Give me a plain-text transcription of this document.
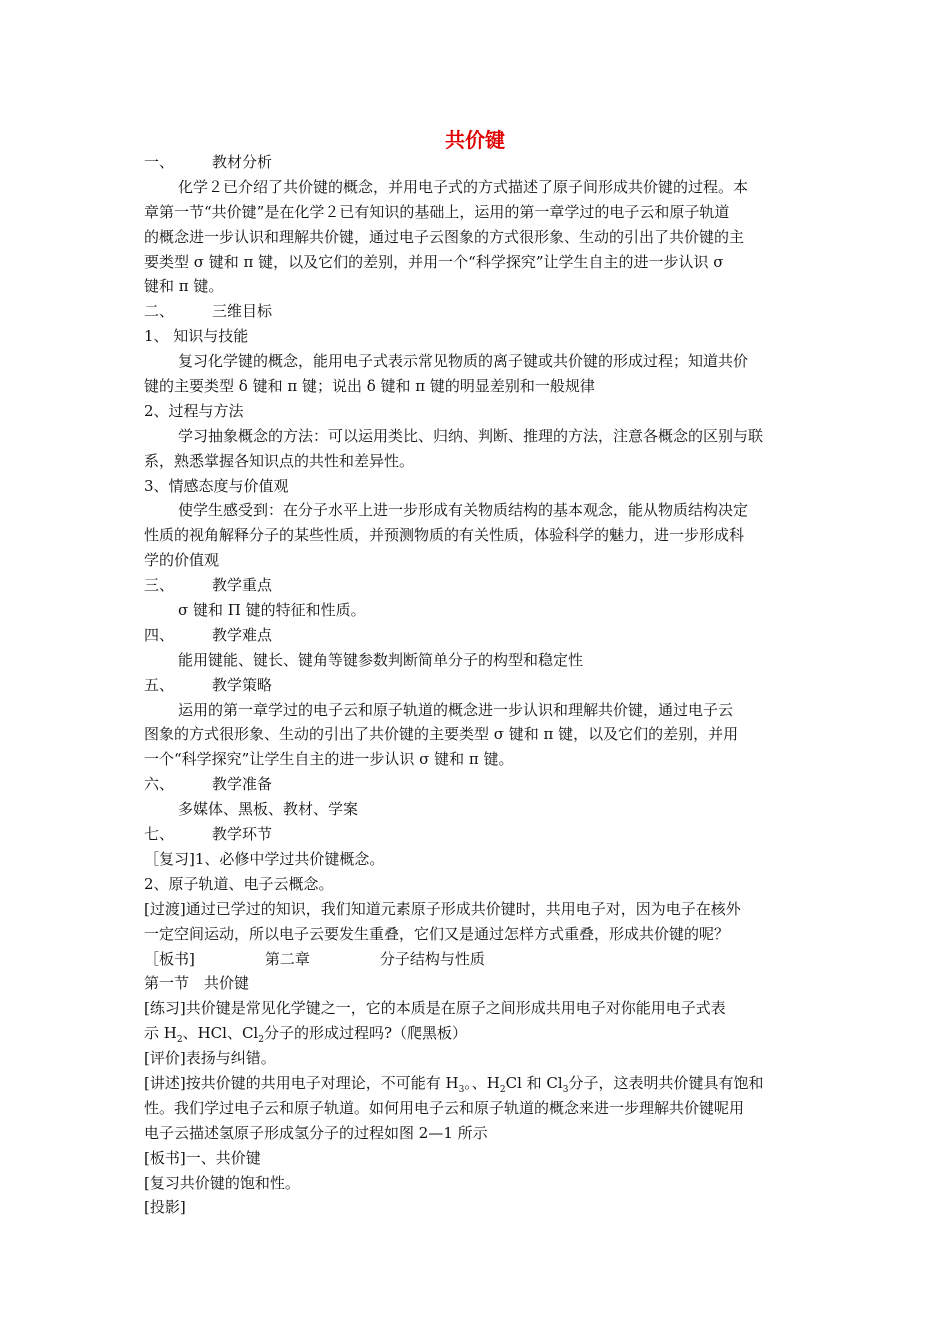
共价键
一、	教材分析
化学２已介绍了共价键的概念，并用电子式的方式描述了原子间形成共价键的过程。本
章第一节“共价键”是在化学２已有知识的基础上，运用的第一章学过的电子云和原子轨道
的概念进一步认识和理解共价键，通过电子云图象的方式很形象、生动的引出了共价键的主
要类型 σ 键和 π 键，以及它们的差别，并用一个“科学探究”让学生自主的进一步认识 σ
键和 π 键。
二、	三维目标
1、 知识与技能
复习化学键的概念，能用电子式表示常见物质的离子键或共价键的形成过程；知道共价
键的主要类型 δ 键和 π 键；说出 δ 键和 π 键的明显差别和一般规律
2、过程与方法
学习抽象概念的方法：可以运用类比、归纳、判断、推理的方法，注意各概念的区别与联
系，熟悉掌握各知识点的共性和差异性。
3、情感态度与价值观
使学生感受到：在分子水平上进一步形成有关物质结构的基本观念，能从物质结构决定
性质的视角解释分子的某些性质，并预测物质的有关性质，体验科学的魅力，进一步形成科
学的价值观
三、	教学重点
σ 键和 Π 键的特征和性质。
四、	教学难点
能用键能、键长、键角等键参数判断简单分子的构型和稳定性
五、	教学策略
运用的第一章学过的电子云和原子轨道的概念进一步认识和理解共价键，通过电子云
图象的方式很形象、生动的引出了共价键的主要类型 σ 键和 π 键，以及它们的差别，并用
一个“科学探究”让学生自主的进一步认识 σ 键和 π 键。
六、	教学准备
多媒体、黑板、教材、学案
七、	教学环节
［复习]1、必修中学过共价键概念。
2、原子轨道、电子云概念。
[过渡]通过已学过的知识，我们知道元素原子形成共价键时，共用电子对，因为电子在核外
一定空间运动，所以电子云要发生重叠，它们又是通过怎样方式重叠，形成共价键的呢？
［板书]	第二章	分子结构与性质
第一节　共价键
[练习]共价键是常见化学键之一，它的本质是在原子之间形成共用电子对你能用电子式表
示 $H_2$、HCl、$Cl_2$分子的形成过程吗?（爬黑板）
[评价]表扬与纠错。
[讲述]按共价键的共用电子对理论，不可能有 $H_3$。、$H_2Cl$ 和 $Cl_3$分子，这表明共价键具有饱和
性。我们学过电子云和原子轨道。如何用电子云和原子轨道的概念来进一步理解共价键呢用
电子云描述氢原子形成氢分子的过程如图 2—1 所示
[板书]一、共价键
[复习共价键的饱和性。
[投影]
